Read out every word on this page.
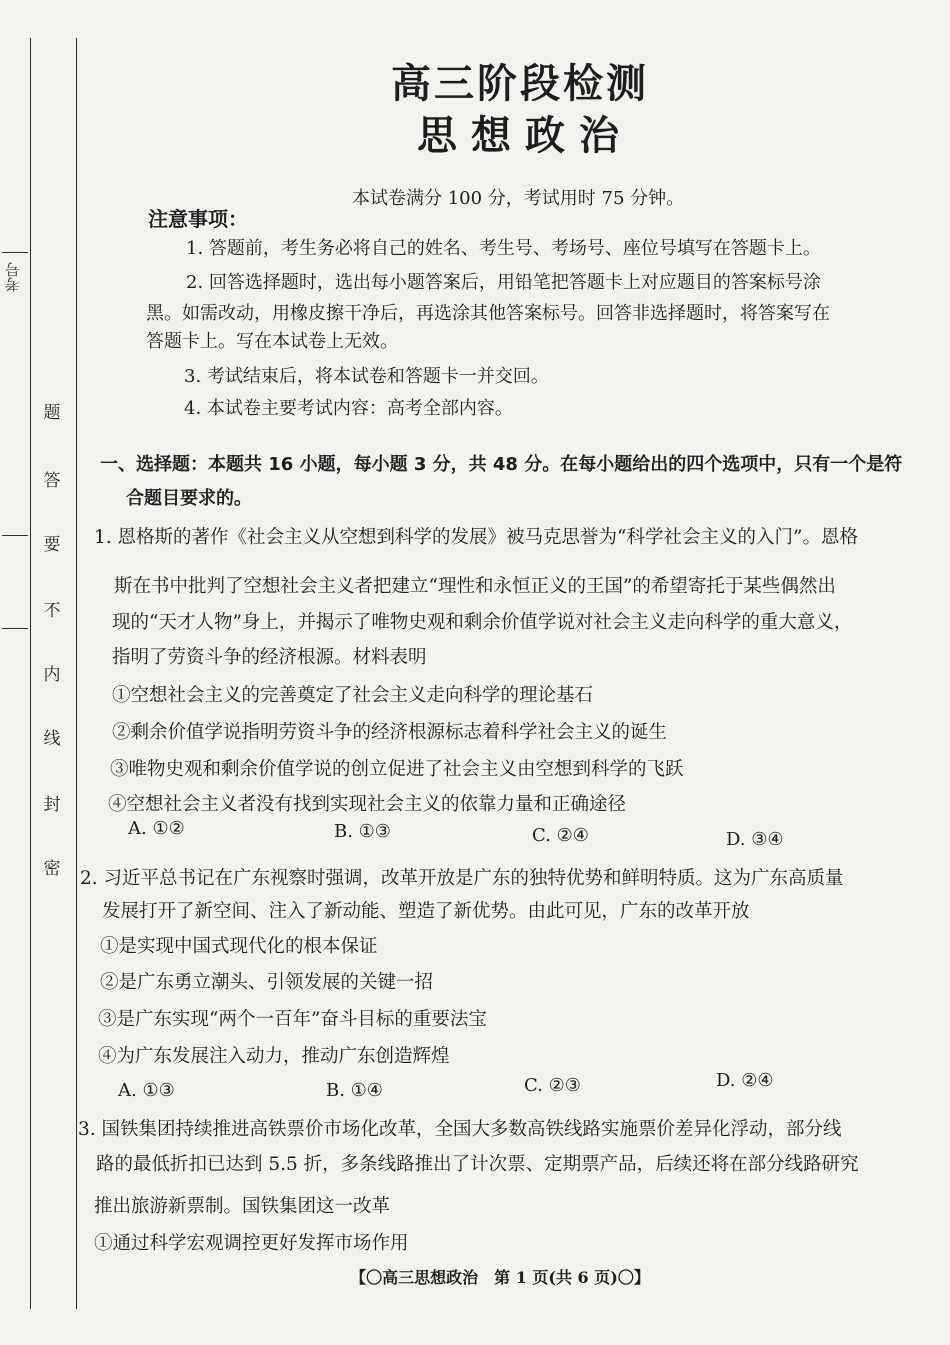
考号
题
答
要
不
内
线
封
密
高三阶段检测
思想政治
本试卷满分 100 分，考试用时 75 分钟。
注意事项：
1. 答题前，考生务必将自己的姓名、考生号、考场号、座位号填写在答题卡上。
2. 回答选择题时，选出每小题答案后，用铅笔把答题卡上对应题目的答案标号涂
黑。如需改动，用橡皮擦干净后，再选涂其他答案标号。回答非选择题时，将答案写在
答题卡上。写在本试卷上无效。
3. 考试结束后，将本试卷和答题卡一并交回。
4. 本试卷主要考试内容：高考全部内容。
一、选择题：本题共 16 小题，每小题 3 分，共 48 分。在每小题给出的四个选项中，只有一个是符
合题目要求的。
1. 恩格斯的著作《社会主义从空想到科学的发展》被马克思誉为“科学社会主义的入门”。恩格
斯在书中批判了空想社会主义者把建立“理性和永恒正义的王国”的希望寄托于某些偶然出
现的“天才人物”身上，并揭示了唯物史观和剩余价值学说对社会主义走向科学的重大意义，
指明了劳资斗争的经济根源。材料表明
①空想社会主义的完善奠定了社会主义走向科学的理论基石
②剩余价值学说指明劳资斗争的经济根源标志着科学社会主义的诞生
③唯物史观和剩余价值学说的创立促进了社会主义由空想到科学的飞跃
④空想社会主义者没有找到实现社会主义的依靠力量和正确途径
A. ①②	B. ①③	C. ②④	D. ③④
2. 习近平总书记在广东视察时强调，改革开放是广东的独特优势和鲜明特质。这为广东高质量
发展打开了新空间、注入了新动能、塑造了新优势。由此可见，广东的改革开放
①是实现中国式现代化的根本保证
②是广东勇立潮头、引领发展的关键一招
③是广东实现“两个一百年”奋斗目标的重要法宝
④为广东发展注入动力，推动广东创造辉煌
A. ①③	B. ①④	C. ②③	D. ②④
3. 国铁集团持续推进高铁票价市场化改革，全国大多数高铁线路实施票价差异化浮动，部分线
路的最低折扣已达到 5.5 折，多条线路推出了计次票、定期票产品，后续还将在部分线路研究
推出旅游新票制。国铁集团这一改革
①通过科学宏观调控更好发挥市场作用
【〇高三思想政治　第 1 页(共 6 页)〇】
